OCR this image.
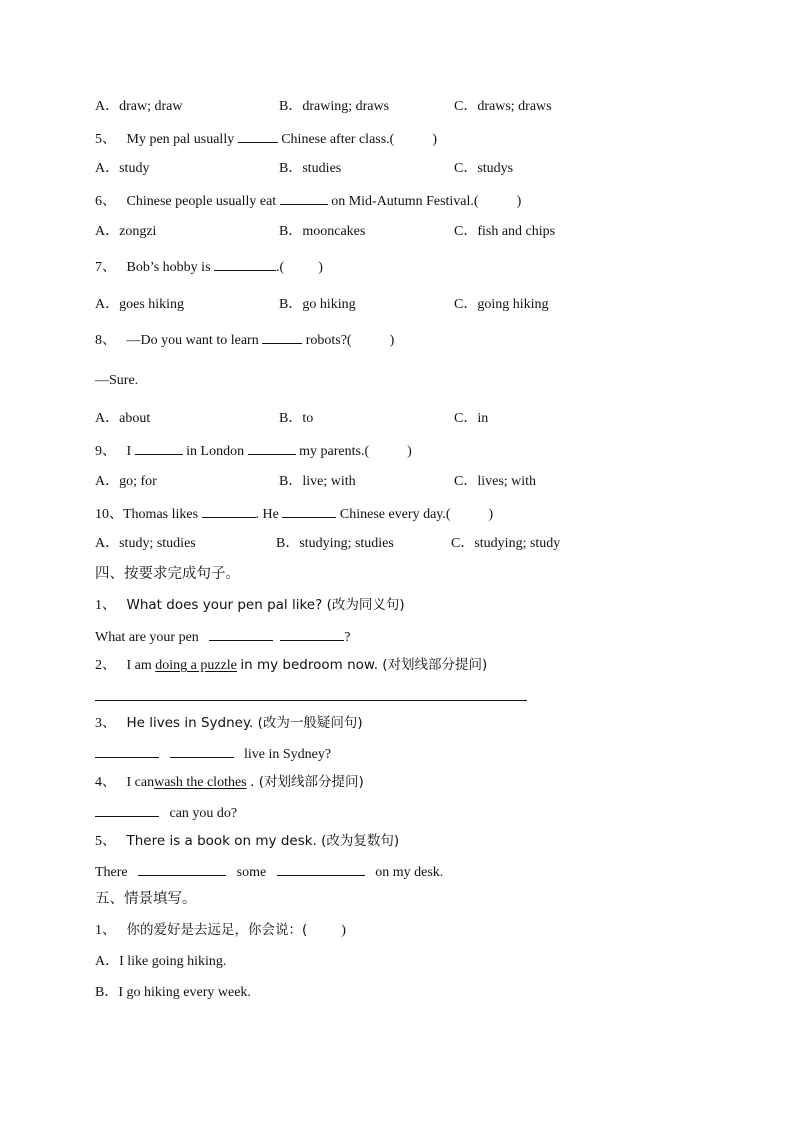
A．draw; draw	B．drawing; draws	C．draws; draws
5、 My pen pal usually	Chinese after class.(	)
A．study	B．studies	C．studys
6、 Chinese people usually eat	on Mid-Autumn Festival.(	)
A．zongzi	B．mooncakes	C．fish and chips
7、 Bob’s hobby is	.( )
A．goes hiking	B．go hiking	C．going hiking
8、 —Do you want to learn	robots?(	)
—Sure.
A．about	B．to	C．in
9、 I	in London	my parents.(	)
A．go; for	B．live; with	C．lives; with
10、Thomas likes	. He	Chinese every day.(	)
A．study; studies	B．studying; studies	C．studying; study
四、按要求完成句子。
1、 What does your pen pal like? (改为同义句)
What are your pen	?
2、 I am doing a puzzle in my bedroom now. (对划线部分提问)
3、 He lives in Sydney. (改为一般疑问句)
live in Sydney?
4、 I canwash the clothes . (对划线部分提问)
can you do?
5、 There is a book on my desk. (改为复数句)
There	some	on my desk.
五、情景填写。
1、 你的爱好是去远足，你会说：( )
A．I like going hiking.
B．I go hiking every week.
